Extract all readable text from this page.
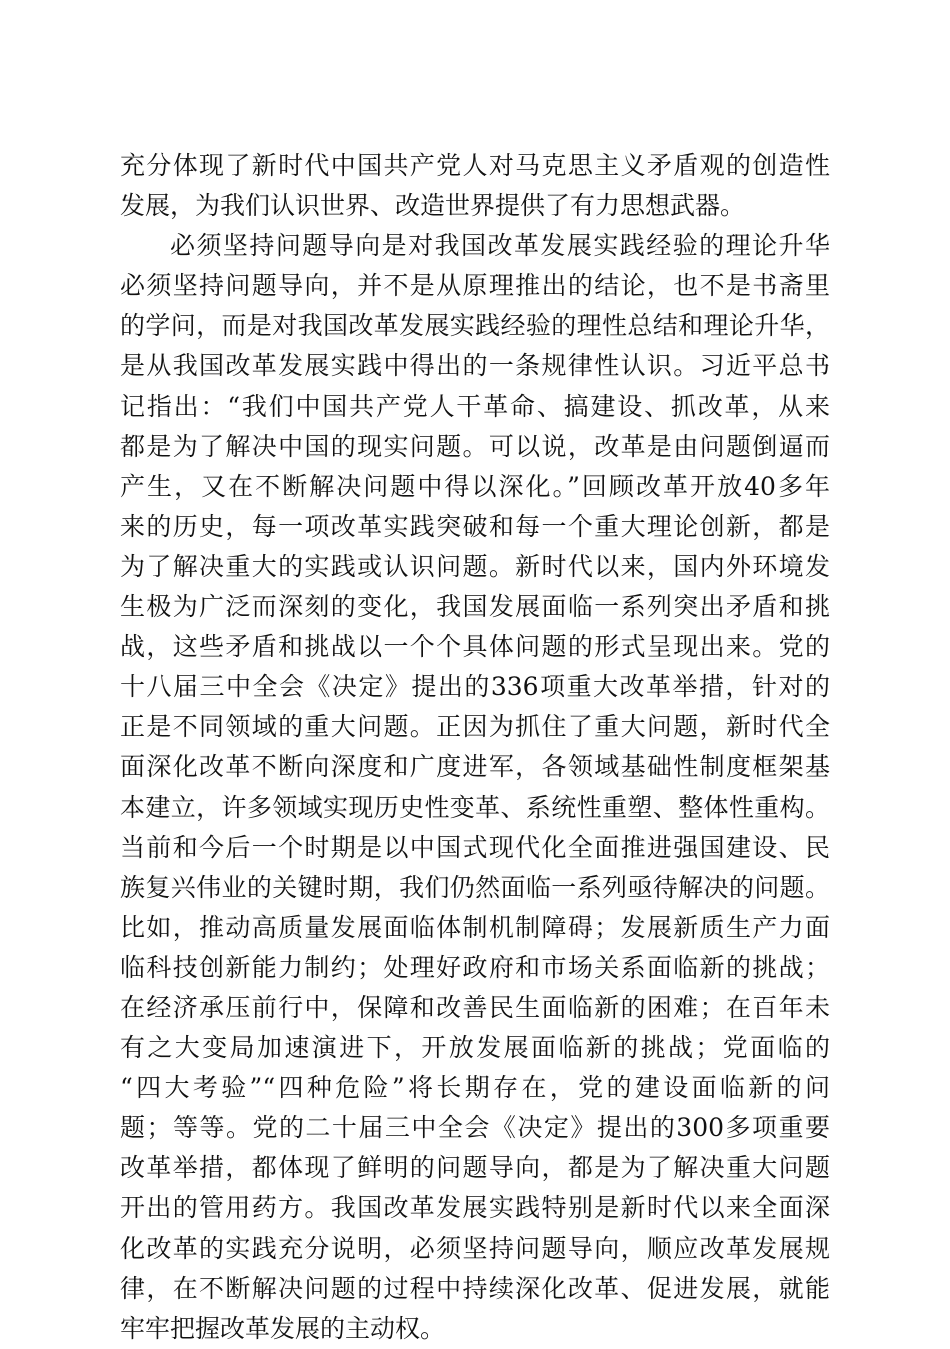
充分体现了新时代中国共产党人对马克思主义矛盾观的创造性
发展，为我们认识世界、改造世界提供了有力思想武器。
必须坚持问题导向是对我国改革发展实践经验的理论升华
必须坚持问题导向，并不是从原理推出的结论，也不是书斋里
的学问，而是对我国改革发展实践经验的理性总结和理论升华，
是从我国改革发展实践中得出的一条规律性认识。习近平总书
记指出：“我们中国共产党人干革命、搞建设、抓改革，从来
都是为了解决中国的现实问题。可以说，改革是由问题倒逼而
产生，又在不断解决问题中得以深化。”回顾改革开放40多年
来的历史，每一项改革实践突破和每一个重大理论创新，都是
为了解决重大的实践或认识问题。新时代以来，国内外环境发
生极为广泛而深刻的变化，我国发展面临一系列突出矛盾和挑
战，这些矛盾和挑战以一个个具体问题的形式呈现出来。党的
十八届三中全会《决定》提出的336项重大改革举措，针对的
正是不同领域的重大问题。正因为抓住了重大问题，新时代全
面深化改革不断向深度和广度进军，各领域基础性制度框架基
本建立，许多领域实现历史性变革、系统性重塑、整体性重构。
当前和今后一个时期是以中国式现代化全面推进强国建设、民
族复兴伟业的关键时期，我们仍然面临一系列亟待解决的问题。
比如，推动高质量发展面临体制机制障碍；发展新质生产力面
临科技创新能力制约；处理好政府和市场关系面临新的挑战；
在经济承压前行中，保障和改善民生面临新的困难；在百年未
有之大变局加速演进下，开放发展面临新的挑战；党面临的
“四大考验”“四种危险”将长期存在，党的建设面临新的问
题；等等。党的二十届三中全会《决定》提出的300多项重要
改革举措，都体现了鲜明的问题导向，都是为了解决重大问题
开出的管用药方。我国改革发展实践特别是新时代以来全面深
化改革的实践充分说明，必须坚持问题导向，顺应改革发展规
律，在不断解决问题的过程中持续深化改革、促进发展，就能
牢牢把握改革发展的主动权。
